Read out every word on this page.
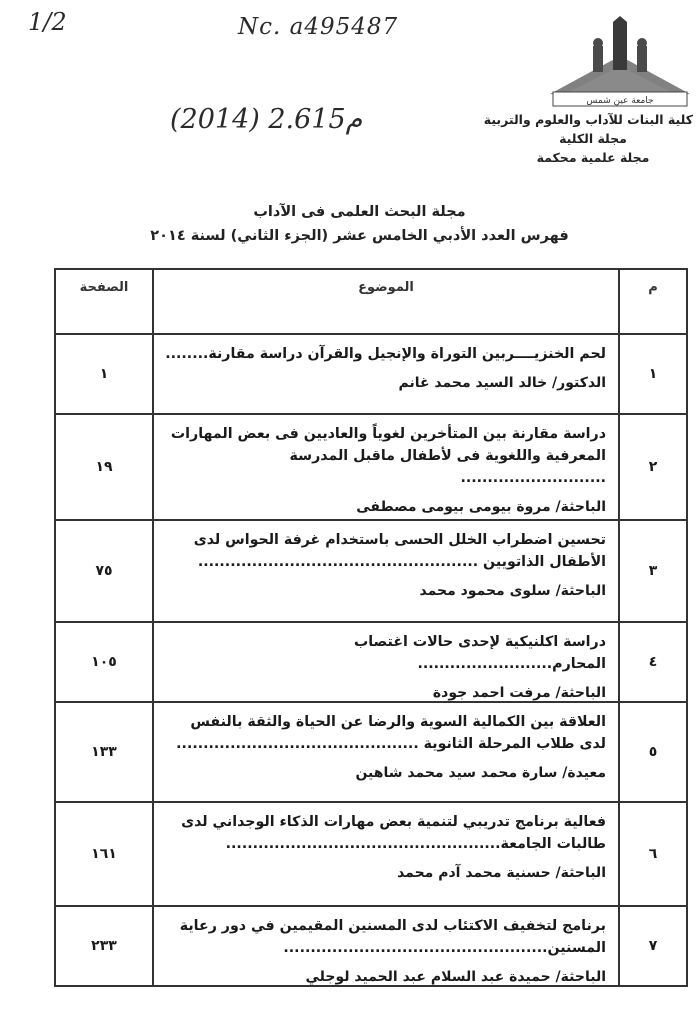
1/2	Nc. a495487
(2014) 2.615م
جامعة عين شمس
كلية البنات للآداب والعلوم والتربية
مجلة الكلية
مجلة علمية محكمة
مجلة البحث العلمى فى الآداب
فهرس العدد الأدبي الخامس عشر (الجزء الثاني) لسنة ٢٠١٤
م	الموضوع	الصفحة
١	لحم الخنزيــــربين التوراة والإنجيل والقرآن دراسة مقارنة........
الدكتور/ خالد السيد محمد غانم	١
٢	دراسة مقارنة بين المتأخرين لغوياً والعاديين فى بعض المهارات المعرفية واللغوية فى لأطفال ماقبل المدرسة ...........................
الباحثة/ مروة بيومى بيومى مصطفى	١٩
٣	تحسين اضطراب الخلل الحسى باستخدام غرفة الحواس لدى الأطفال الذاتويين ....................................................
الباحثة/ سلوى محمود محمد	٧٥
٤	دراسة اكلنيكية لإحدى حالات اغتصاب المحارم.........................
الباحثة/ مرفت احمد جودة	١٠٥
٥	العلاقة بين الكمالية السوية والرضا عن الحياة والثقة بالنفس لدى طلاب المرحلة الثانوية .............................................
معيدة/ سارة محمد سيد محمد شاهين	١٣٣
٦	فعالية برنامج تدريبي لتنمية بعض مهارات الذكاء الوجداني لدى طالبات الجامعة...................................................
الباحثة/ حسنية محمد آدم محمد	١٦١
٧	برنامج لتخفيف الاكتئاب لدى المسنين المقيمين في دور رعاية المسنين.................................................
الباحثة/ حميدة عبد السلام عبد الحميد لوجلي	٢٣٣
